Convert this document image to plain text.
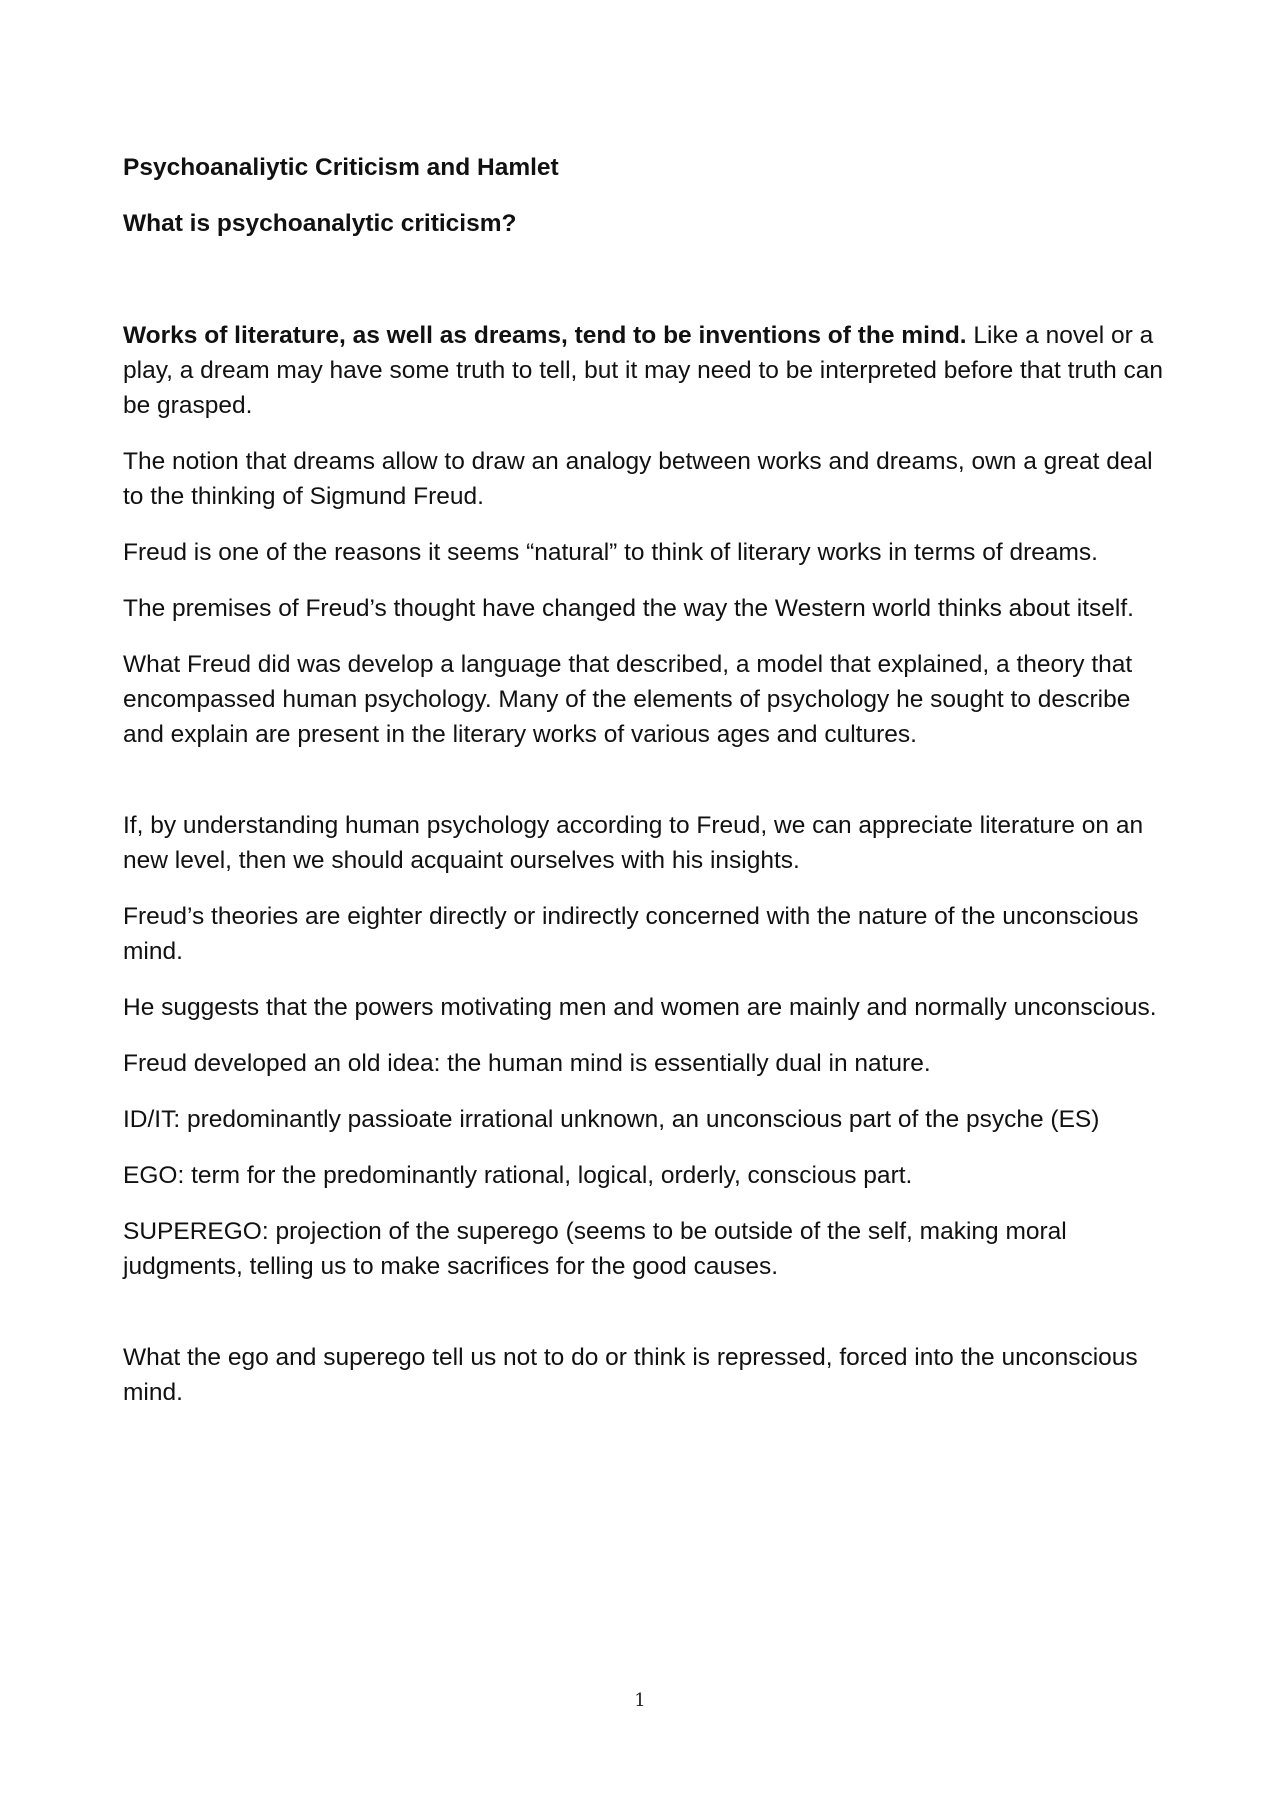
Psychoanaliytic Criticism and Hamlet
What is psychoanalytic criticism?

Works of literature, as well as dreams, tend to be inventions of the mind. Like a novel or a play, a dream may have some truth to tell, but it may need to be interpreted before that truth can be grasped.

The notion that dreams allow to draw an analogy between works and dreams, own a great deal to the thinking of Sigmund Freud.

Freud is one of the reasons it seems “natural” to think of literary works in terms of dreams.

The premises of Freud’s thought have changed the way the Western world thinks about itself.

What Freud did was develop a language that described, a model that explained, a theory that encompassed human psychology. Many of the elements of psychology he sought to describe and explain are present in the literary works of various ages and cultures.

If, by understanding human psychology according to Freud, we can appreciate literature on an new level, then we should acquaint ourselves with his insights.

Freud’s theories are eighter directly or indirectly concerned with the nature of the unconscious mind.

He suggests that the powers motivating men and women are mainly and normally unconscious.

Freud developed an old idea: the human mind is essentially dual in nature.

ID/IT: predominantly passioate irrational unknown, an unconscious part of the psyche (ES)

EGO: term for the predominantly rational, logical, orderly, conscious part.

SUPEREGO: projection of the superego (seems to be outside of the self, making moral judgments, telling us to make sacrifices for the good causes.

What the ego and superego tell us not to do or think is repressed, forced into the unconscious mind.

1
